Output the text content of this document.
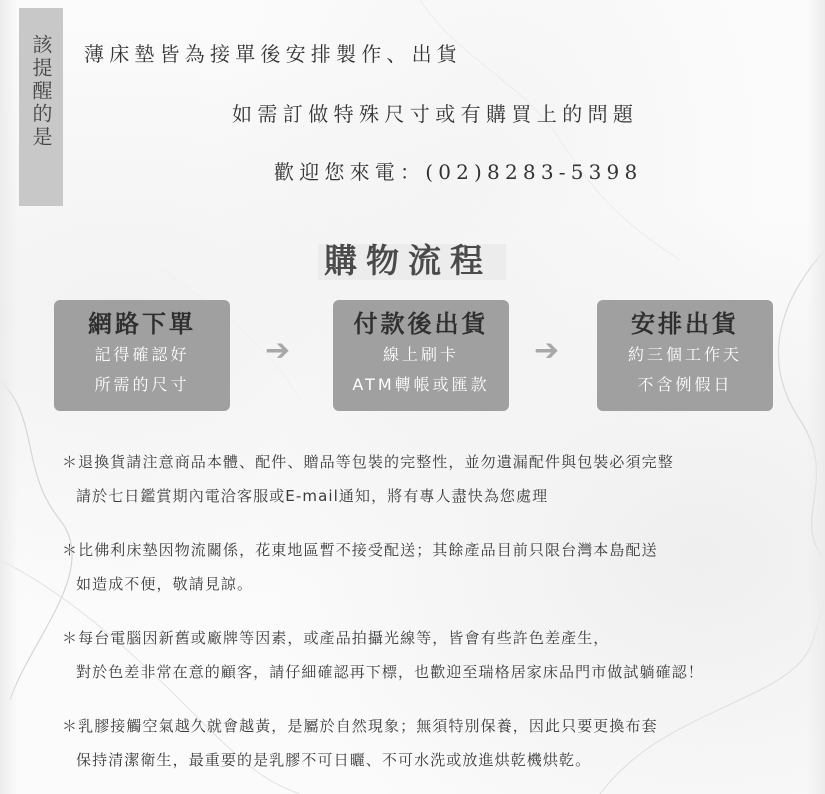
該提醒的是 薄床墊皆為接單後安排製作、出貨
如需訂做特殊尺寸或有購買上的問題
歡迎您來電：(02)8283-5398
購物流程
網路下單
記得確認好
所需的尺寸
➔
付款後出貨
線上刷卡
ATM轉帳或匯款
➔
安排出貨
約三個工作天
不含例假日
＊退換貨請注意商品本體、配件、贈品等包裝的完整性，並勿遺漏配件與包裝必須完整
請於七日鑑賞期內電洽客服或E-mail通知，將有專人盡快為您處理
＊比佛利床墊因物流關係，花東地區暫不接受配送；其餘產品目前只限台灣本島配送
如造成不便，敬請見諒。
＊每台電腦因新舊或廠牌等因素，或產品拍攝光線等，皆會有些許色差產生，
對於色差非常在意的顧客，請仔細確認再下標，也歡迎至瑞格居家床品門市做試躺確認！
＊乳膠接觸空氣越久就會越黃，是屬於自然現象；無須特別保養，因此只要更換布套
保持清潔衛生，最重要的是乳膠不可日曬、不可水洗或放進烘乾機烘乾。
